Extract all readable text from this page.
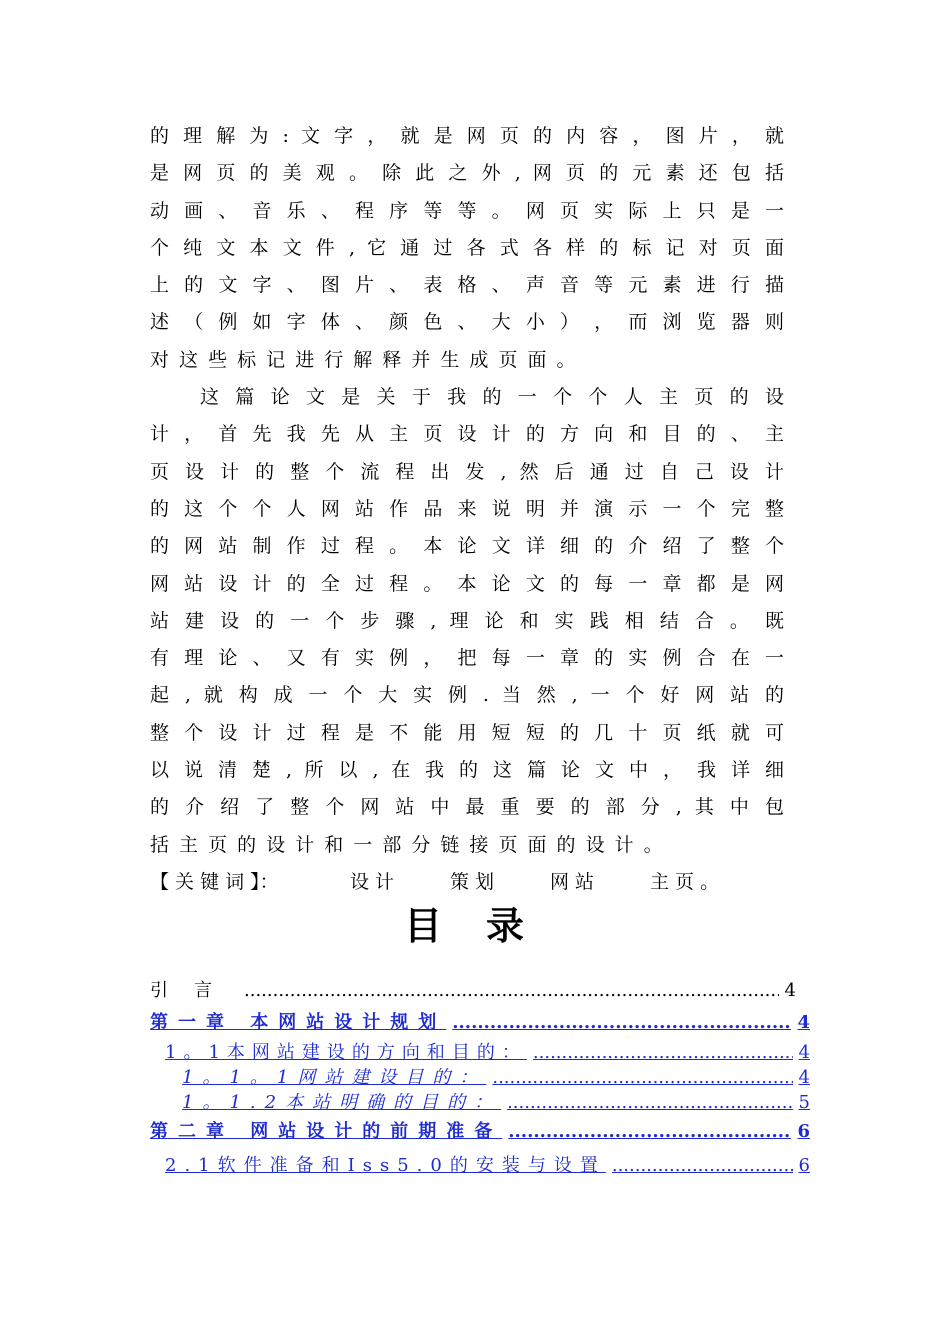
的 理 解 为 : 文 字 ， 就 是 网 页 的 内 容 ， 图 片 ， 就
是 网 页 的 美 观 。 除 此 之 外 , 网 页 的 元 素 还 包 括
动 画 、 音 乐 、 程 序 等 等 。 网 页 实 际 上 只 是 一
个 纯 文 本 文 件 , 它 通 过 各 式 各 样 的 标 记 对 页 面
上 的 文 字 、 图 片 、 表 格 、 声 音 等 元 素 进 行 描
述 （ 例 如 字 体 、 颜 色 、 大 小 ） ， 而 浏 览 器 则
对 这 些 标 记 进 行 解 释 并 生 成 页 面 。
这 篇 论 文 是 关 于 我 的 一 个 个 人 主 页 的 设
计 ， 首 先 我 先 从 主 页 设 计 的 方 向 和 目 的 、 主
页 设 计 的 整 个 流 程 出 发 , 然 后 通 过 自 己 设 计
的 这 个 个 人 网 站 作 品 来 说 明 并 演 示 一 个 完 整
的 网 站 制 作 过 程 。 本 论 文 详 细 的 介 绍 了 整 个
网 站 设 计 的 全 过 程 。 本 论 文 的 每 一 章 都 是 网
站 建 设 的 一 个 步 骤 , 理 论 和 实 践 相 结 合 。 既
有 理 论 、 又 有 实 例 ， 把 每 一 章 的 实 例 合 在 一
起 , 就 构 成 一 个 大 实 例 . 当 然 , 一 个 好 网 站 的
整 个 设 计 过 程 是 不 能 用 短 短 的 几 十 页 纸 就 可
以 说 清 楚 , 所 以 , 在 我 的 这 篇 论 文 中 ， 我 详 细
的 介 绍 了 整 个 网 站 中 最 重 要 的 部 分 , 其 中 包
括 主 页 的 设 计 和 一 部 分 链 接 页 面 的 设 计 。
【 关 键 词 】：	设 计	策 划	网 站	主 页 。
目录
引言 .....	4
第一章 本网站设计规划 .....	4
1。1本网站建设的方向和目的： .....	4
1。1。1网站建设目的： .....	4
1。1.2本站明确的目的： .....	5
第二章 网站设计的前期准备 .....	6
2.1软件准备和Iss5.0的安装与设置 .....	6
